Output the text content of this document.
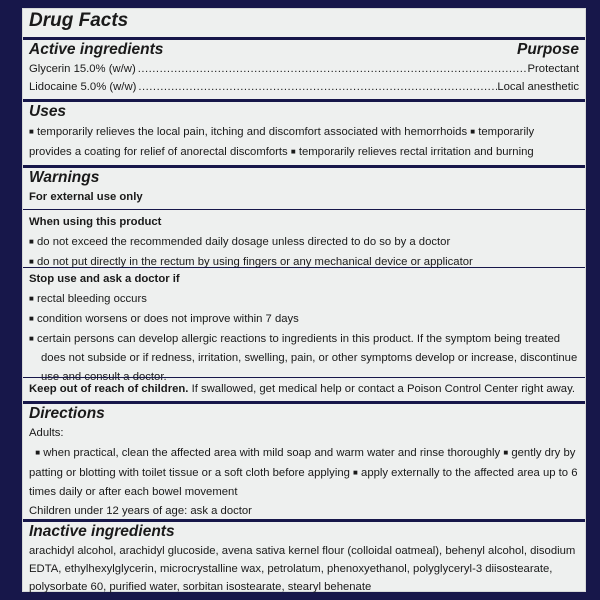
Drug Facts
Active ingredients	Purpose
Glycerin 15.0% (w/w) .....	Protectant
Lidocaine 5.0% (w/w) .....	Local anesthetic
Uses

■ temporarily relieves the local pain, itching and discomfort associated with hemorrhoids ■ temporarily provides a coating for relief of anorectal discomforts ■ temporarily relieves rectal irritation and burning

Warnings
For external use only
When using this product
■ do not exceed the recommended daily dosage unless directed to do so by a doctor
■ do not put directly in the rectum by using fingers or any mechanical device or applicator
Stop use and ask a doctor if
■ rectal bleeding occurs
■ condition worsens or does not improve within 7 days
■ certain persons can develop allergic reactions to ingredients in this product. If the symptom being treated does not subside or if redness, irritation, swelling, pain, or other symptoms develop or increase, discontinue use and consult a doctor.
Keep out of reach of children. If swallowed, get medical help or contact a Poison Control Center right away.
Directions
Adults:

■ when practical, clean the affected area with mild soap and warm water and rinse thoroughly ■ gently dry by patting or blotting with toilet tissue or a soft cloth before applying ■ apply externally to the affected area up to 6 times daily or after each bowel movement

Children under 12 years of age: ask a doctor
Inactive ingredients
arachidyl alcohol, arachidyl glucoside, avena sativa kernel flour (colloidal oatmeal), behenyl alcohol, disodium
EDTA, ethylhexylglycerin, microcrystalline wax, petrolatum, phenoxyethanol, polyglyceryl-3 diisostearate,
polysorbate 60, purified water, sorbitan isostearate, stearyl behenate
